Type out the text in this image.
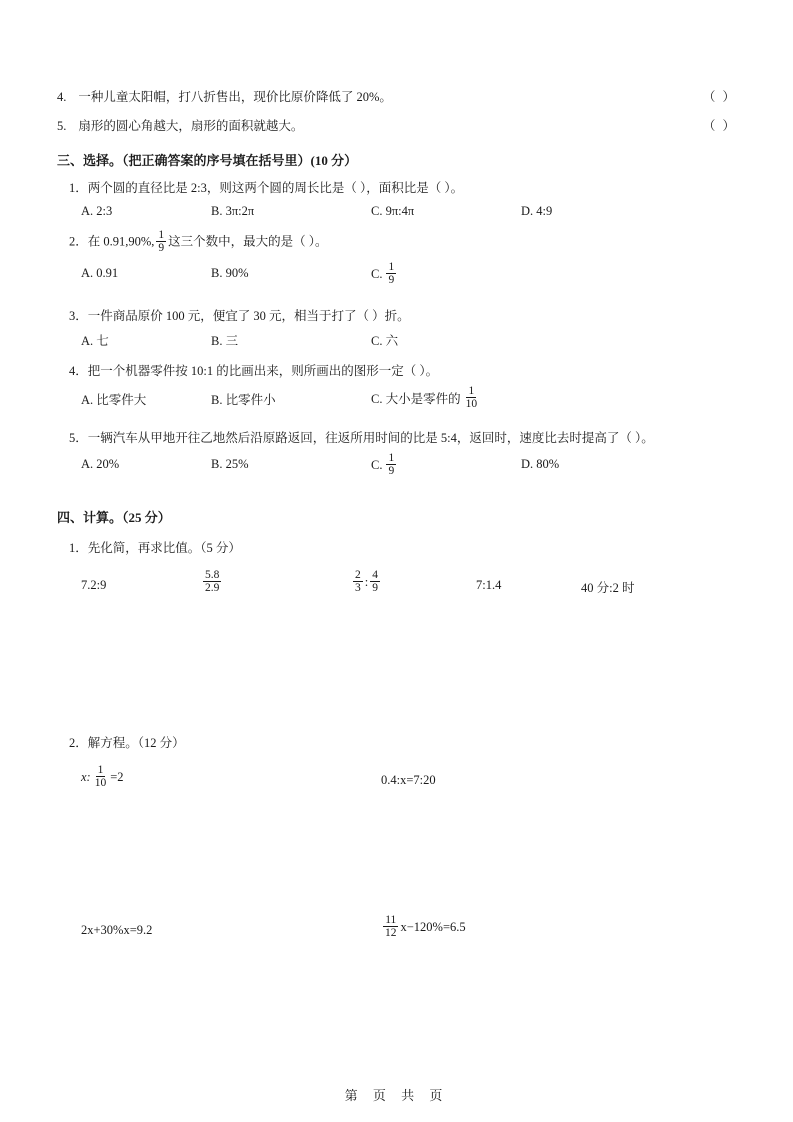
4. 一种儿童太阳帽，打八折售出，现价比原价降低了 20%。	（ ）
5. 扇形的圆心角越大，扇形的面积就越大。	（ ）
三、选择。（把正确答案的序号填在括号里）(10 分）
1．两个圆的直径比是 2:3，则这两个圆的周长比是（ ），面积比是（ ）。
A. 2:3	B. 3π:2π	C. 9π:4π	D. 4:9
2．在 0.91,90%, $\frac{1}{9}$ 这三个数中，最大的是（ ）。
A. 0.91	B. 90%	C. $\frac{1}{9}$
3．一件商品原价 100 元，便宜了 30 元，相当于打了（ ）折。
A. 七	B. 三	C. 六
4．把一个机器零件按 10:1 的比画出来，则所画出的图形一定（ ）。
A. 比零件大	B. 比零件小	C. 大小是零件的 $\frac{1}{10}$
5．一辆汽车从甲地开往乙地然后沿原路返回，往返所用时间的比是 5:4，返回时，速度比去时提高了（ ）。
A. 20%	B. 25%	C. $\frac{1}{9}$	D. 80%
四、计算。（25 分）
1．先化简，再求比值。（5 分）
7.2:9	$\frac{5.8}{2.9}$	$\frac{2}{3}$ : $\frac{4}{9}$	7:1.4	40 分:2 时
2．解方程。（12 分）
x: $\frac{1}{10} =2$	0.4:x=7:20
2x+30%x=9.2	$\frac{11}{12} x-120\%=6.5$
第 页 共 页
